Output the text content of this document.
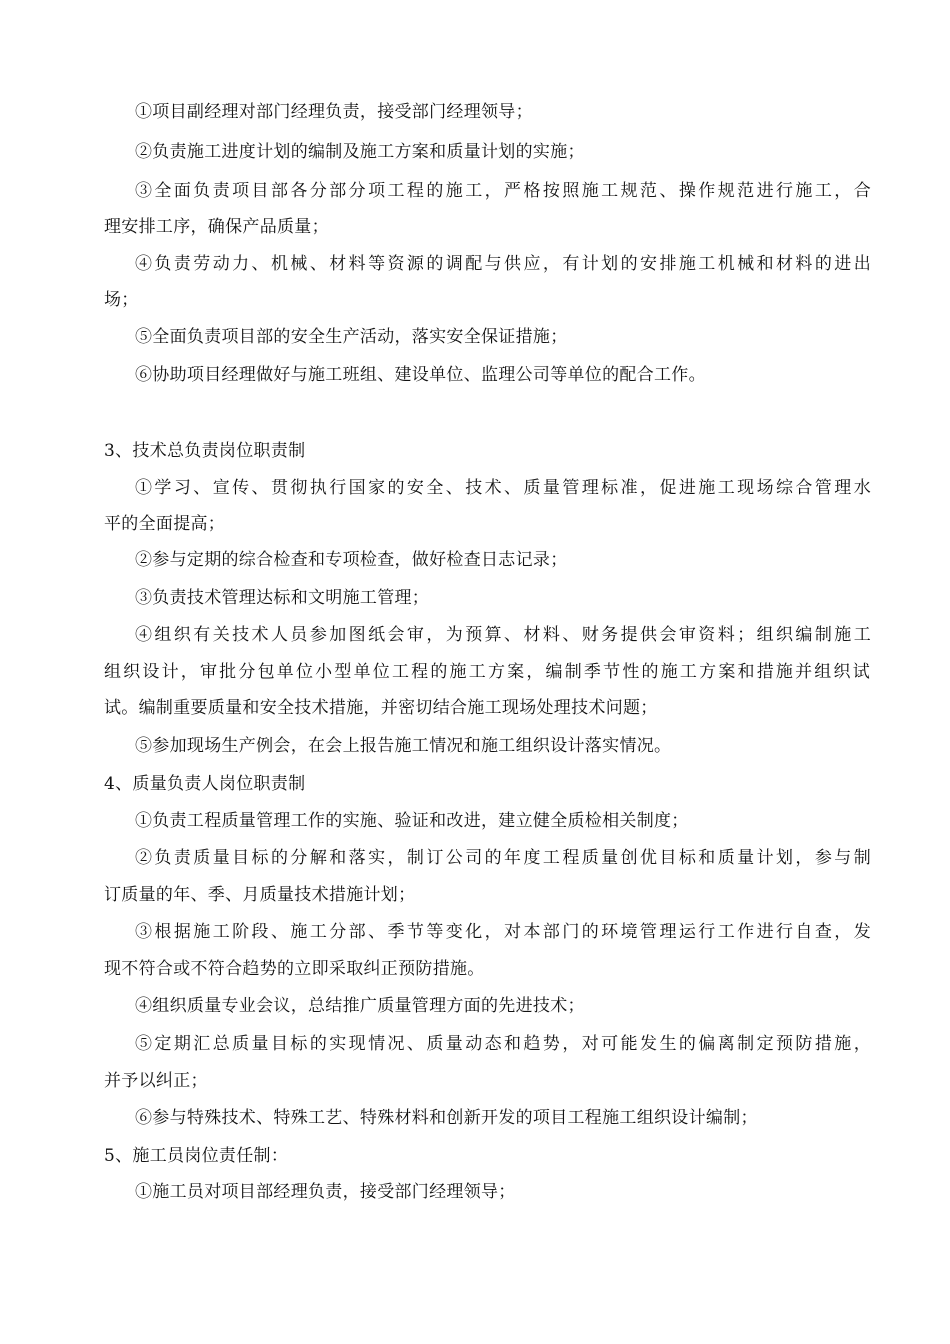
①项目副经理对部门经理负责，接受部门经理领导；
②负责施工进度计划的编制及施工方案和质量计划的实施；
③全面负责项目部各分部分项工程的施工，严格按照施工规范、操作规范进行施工，合
理安排工序，确保产品质量；
④负责劳动力、机械、材料等资源的调配与供应，有计划的安排施工机械和材料的进出
场；
⑤全面负责项目部的安全生产活动，落实安全保证措施；
⑥协助项目经理做好与施工班组、建设单位、监理公司等单位的配合工作。
3、技术总负责岗位职责制
①学习、宣传、贯彻执行国家的安全、技术、质量管理标准，促进施工现场综合管理水
平的全面提高；
②参与定期的综合检查和专项检查，做好检查日志记录；
③负责技术管理达标和文明施工管理；
④组织有关技术人员参加图纸会审，为预算、材料、财务提供会审资料；组织编制施工
组织设计，审批分包单位小型单位工程的施工方案，编制季节性的施工方案和措施并组织试
试。编制重要质量和安全技术措施，并密切结合施工现场处理技术问题；
⑤参加现场生产例会，在会上报告施工情况和施工组织设计落实情况。
4、质量负责人岗位职责制
①负责工程质量管理工作的实施、验证和改进，建立健全质检相关制度；
②负责质量目标的分解和落实，制订公司的年度工程质量创优目标和质量计划，参与制
订质量的年、季、月质量技术措施计划；
③根据施工阶段、施工分部、季节等变化，对本部门的环境管理运行工作进行自查，发
现不符合或不符合趋势的立即采取纠正预防措施。
④组织质量专业会议，总结推广质量管理方面的先进技术；
⑤定期汇总质量目标的实现情况、质量动态和趋势，对可能发生的偏离制定预防措施，
并予以纠正；
⑥参与特殊技术、特殊工艺、特殊材料和创新开发的项目工程施工组织设计编制；
5、施工员岗位责任制：
①施工员对项目部经理负责，接受部门经理领导；
